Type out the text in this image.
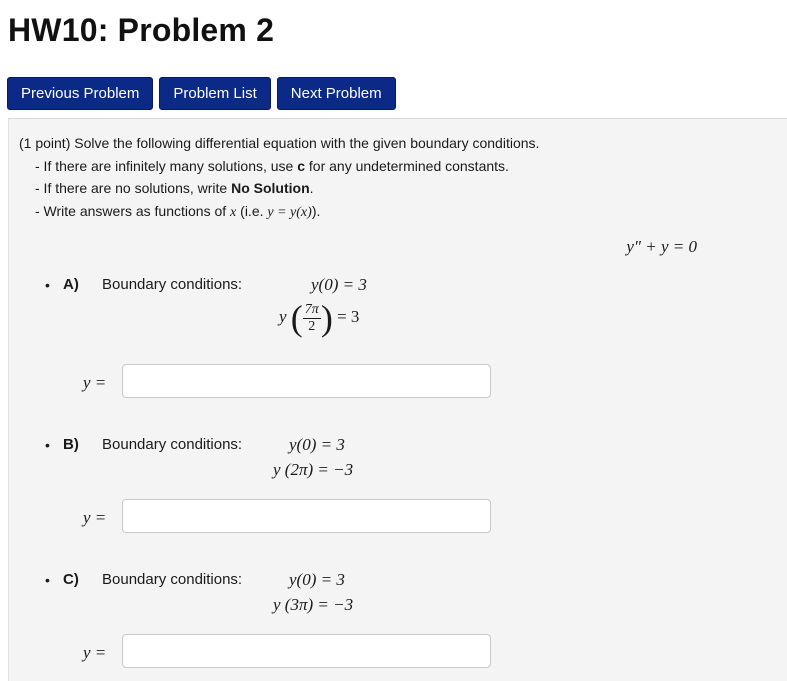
HW10: Problem 2
Previous Problem	Problem List	Next Problem
(1 point) Solve the following differential equation with the given boundary conditions.
- If there are infinitely many solutions, use c for any undetermined constants.
- If there are no solutions, write No Solution.
- Write answers as functions of x (i.e. y = y(x)).
y″ + y = 0
• A) Boundary conditions:	y(0) = 3
y ( $\frac{7\pi}{2}$ ) = 3
y =
• B) Boundary conditions:	y(0) = 3
y (2π) = −3
y =
• C) Boundary conditions:	y(0) = 3
y (3π) = −3
y =
